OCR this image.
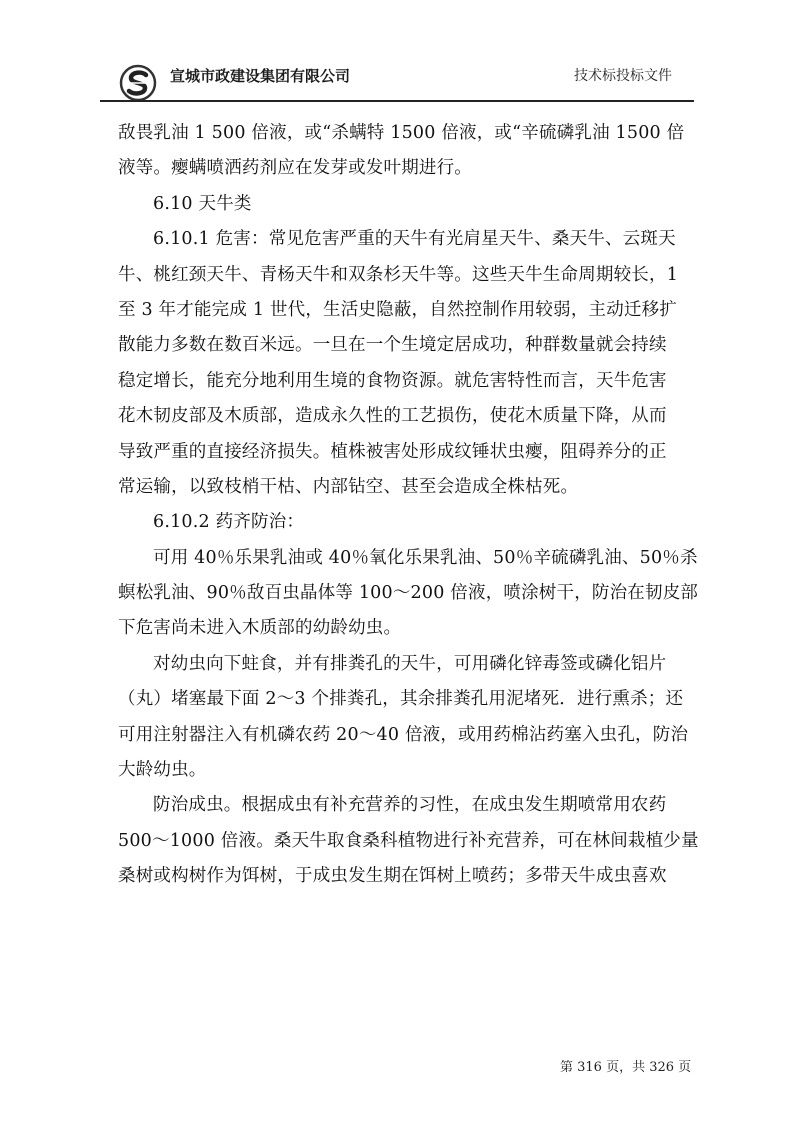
宣城市政建设集团有限公司	技术标投标文件
敌畏乳油 1 500 倍液，或“杀螨特 1500 倍液，或“辛硫磷乳油 1500 倍
液等。瘿螨喷洒药剂应在发芽或发叶期进行。
6.10 天牛类
6.10.1 危害：常见危害严重的天牛有光肩星天牛、桑天牛、云斑天
牛、桃红颈天牛、青杨天牛和双条杉天牛等。这些天牛生命周期较长，1
至 3 年才能完成 1 世代，生活史隐蔽，自然控制作用较弱，主动迁移扩
散能力多数在数百米远。一旦在一个生境定居成功，种群数量就会持续
稳定增长，能充分地利用生境的食物资源。就危害特性而言，天牛危害
花木韧皮部及木质部，造成永久性的工艺损伤，使花木质量下降，从而
导致严重的直接经济损失。植株被害处形成纹锤状虫瘿，阻碍养分的正
常运输，以致枝梢干枯、内部钻空、甚至会造成全株枯死。
6.10.2 药齐防治：
可用 40％乐果乳油或 40％氧化乐果乳油、50％辛硫磷乳油、50％杀
螟松乳油、90％敌百虫晶体等 100～200 倍液，喷涂树干，防治在韧皮部
下危害尚未进入木质部的幼龄幼虫。
对幼虫向下蛀食，并有排粪孔的天牛，可用磷化锌毒签或磷化铝片
（丸）堵塞最下面 2～3 个排粪孔，其余排粪孔用泥堵死．进行熏杀；还
可用注射器注入有机磷农药 20～40 倍液，或用药棉沾药塞入虫孔，防治
大龄幼虫。
防治成虫。根据成虫有补充营养的习性，在成虫发生期喷常用农药
500～1000 倍液。桑天牛取食桑科植物进行补充营养，可在林间栽植少量
桑树或构树作为饵树，于成虫发生期在饵树上喷药；多带天牛成虫喜欢
第 316 页，共 326 页
